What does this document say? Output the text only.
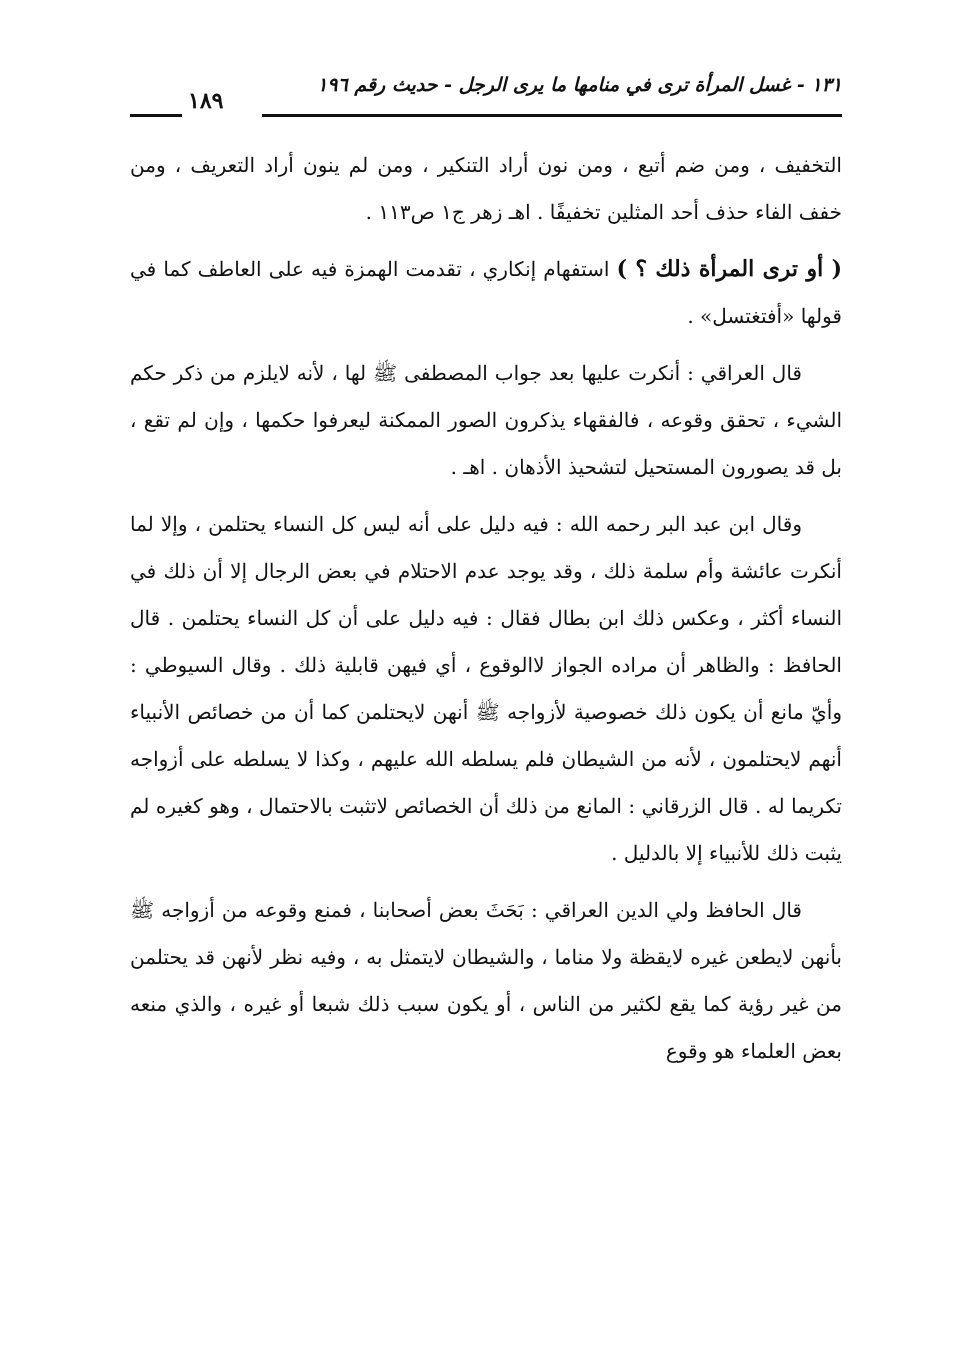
١٣١ - غسل المرأة ترى في منامها ما يرى الرجل - حديث رقم ١٩٦
١٨٩

التخفيف ، ومن ضم أتبع ، ومن نون أراد التنكير ، ومن لم ينون أراد التعريف ، ومن خفف الفاء حذف أحد المثلين تخفيفًا . اهـ زهر ج١ ص١١٣ .

( أو ترى المرأة ذلك ؟ ) استفهام إنكاري ، تقدمت الهمزة فيه على العاطف كما في قولها «أفتغتسل» .

قال العراقي : أنكرت عليها بعد جواب المصطفى ﷺ لها ، لأنه لايلزم من ذكر حكم الشيء ، تحقق وقوعه ، فالفقهاء يذكرون الصور الممكنة ليعرفوا حكمها ، وإن لم تقع ، بل قد يصورون المستحيل لتشحيذ الأذهان . اهـ .

وقال ابن عبد البر رحمه الله : فيه دليل على أنه ليس كل النساء يحتلمن ، وإلا لما أنكرت عائشة وأم سلمة ذلك ، وقد يوجد عدم الاحتلام في بعض الرجال إلا أن ذلك في النساء أكثر ، وعكس ذلك ابن بطال فقال : فيه دليل على أن كل النساء يحتلمن . قال الحافظ : والظاهر أن مراده الجواز لاالوقوع ، أي فيهن قابلية ذلك . وقال السيوطي : وأيّ مانع أن يكون ذلك خصوصية لأزواجه ﷺ أنهن لايحتلمن كما أن من خصائص الأنبياء أنهم لايحتلمون ، لأنه من الشيطان فلم يسلطه الله عليهم ، وكذا لا يسلطه على أزواجه تكريما له . قال الزرقاني : المانع من ذلك أن الخصائص لاتثبت بالاحتمال ، وهو كغيره لم يثبت ذلك للأنبياء إلا بالدليل .

قال الحافظ ولي الدين العراقي : بَحَثَ بعض أصحابنا ، فمنع وقوعه من أزواجه ﷺ بأنهن لايطعن غيره لايقظة ولا مناما ، والشيطان لايتمثل به ، وفيه نظر لأنهن قد يحتلمن من غير رؤية كما يقع لكثير من الناس ، أو يكون سبب ذلك شبعا أو غيره ، والذي منعه بعض العلماء هو وقوع
